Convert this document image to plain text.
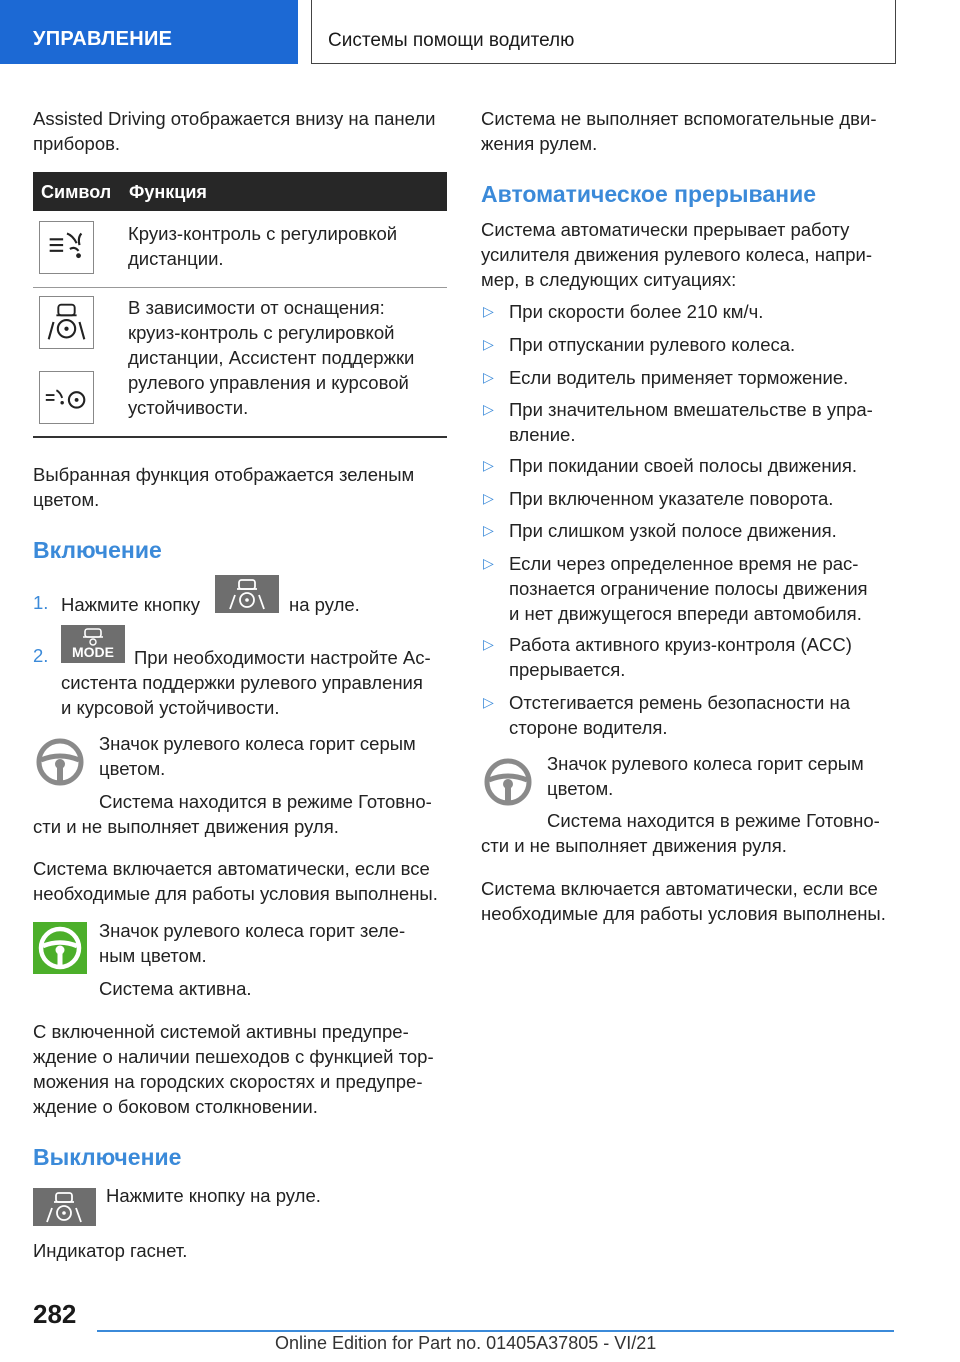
УПРАВЛЕНИЕ	Системы помощи водителю
Assisted Driving отображается внизу на панели
приборов.
Символ Функция
Круиз-контроль с регулировкой
дистанции.
В зависимости от оснащения:
круиз-контроль с регулировкой
дистанции, Ассистент поддержки
рулевого управления и курсовой
устойчивости.
Выбранная функция отображается зеленым
цветом.
Включение
1. Нажмите кнопку	на руле.
2.	MODE	При необходимости настройте Ас-
систента поддержки рулевого управления
и курсовой устойчивости.
Значок рулевого колеса горит серым
цветом.
Система находится в режиме Готовно-
сти и не выполняет движения руля.
Система включается автоматически, если все
необходимые для работы условия выполнены.
Значок рулевого колеса горит зеле-
ным цветом.
Система активна.
С включенной системой активны предупре-
ждение о наличии пешеходов с функцией тор-
можения на городских скоростях и предупре-
ждение о боковом столкновении.
Выключение
Нажмите кнопку на руле.
Индикатор гаснет.
Система не выполняет вспомогательные дви-
жения рулем.
Автоматическое прерывание
Система автоматически прерывает работу
усилителя движения рулевого колеса, напри-
мер, в следующих ситуациях:
▷ При скорости более 210 км/ч.
▷ При отпускании рулевого колеса.
▷ Если водитель применяет торможение.
▷ При значительном вмешательстве в упра-
вление.
▷ При покидании своей полосы движения.
▷ При включенном указателе поворота.
▷ При слишком узкой полосе движения.
▷ Если через определенное время не рас-
познается ограничение полосы движения
и нет движущегося впереди автомобиля.
▷ Работа активного круиз-контроля (ACC)
прерывается.
▷ Отстегивается ремень безопасности на
стороне водителя.
Значок рулевого колеса горит серым
цветом.
Система находится в режиме Готовно-
сти и не выполняет движения руля.
Система включается автоматически, если все
необходимые для работы условия выполнены.
282
Online Edition for Part no. 01405A37805 - VI/21
